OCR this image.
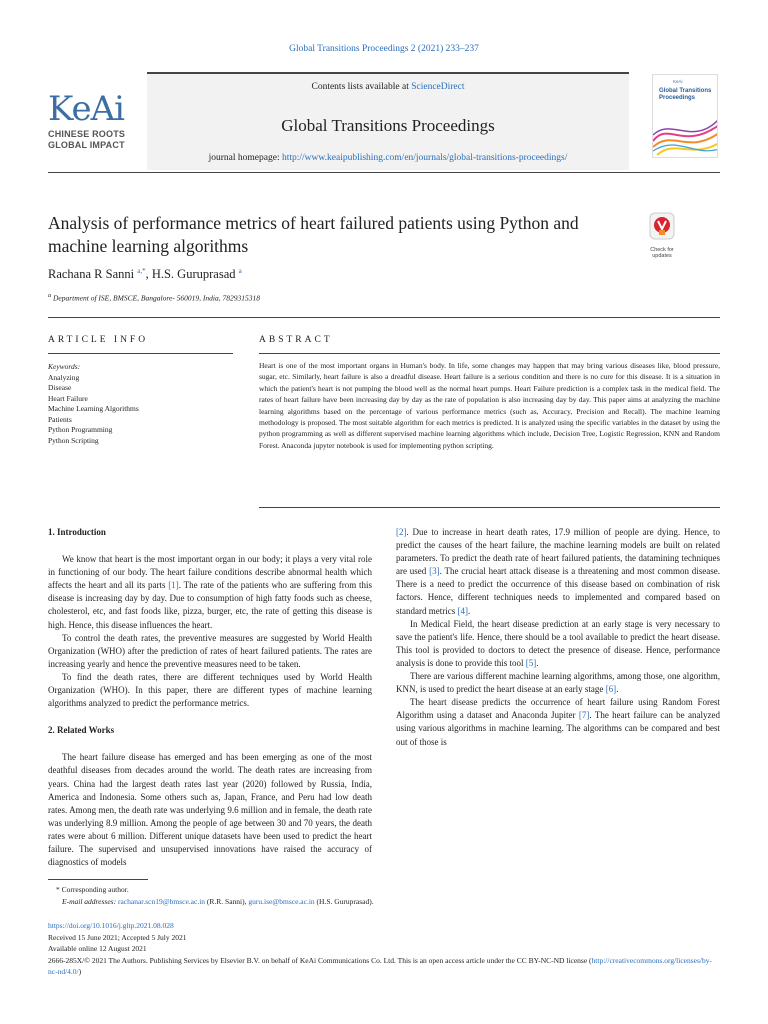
Global Transitions Proceedings 2 (2021) 233–237
KeAi
CHINESE ROOTS
GLOBAL IMPACT
Contents lists available at ScienceDirect
Global Transitions Proceedings
journal homepage: http://www.keaipublishing.com/en/journals/global-transitions-proceedings/
KeAi
Global Transitions
Proceedings
Analysis of performance metrics of heart failured patients using Python and machine learning algorithms	Check for
updates
Rachana R Sanni $^{a,*}$, H.S. Guruprasad $^a$
$^a$ Department of ISE, BMSCE, Bangalore- 560019, India, 7829315318
ARTICLE INFO
Keywords:
Analyzing
Disease
Heart Failure
Machine Learning Algorithms
Patients
Python Programming
Python Scripting
ABSTRACT
Heart is one of the most important organs in Human's body. In life, some changes may happen that may bring various diseases like, blood pressure, sugar, etc. Similarly, heart failure is also a dreadful disease. Heart failure is a serious condition and there is no cure for this disease. It is a situation in which the patient's heart is not pumping the blood well as the normal heart pumps. Heart Failure prediction is a complex task in the medical field. The rates of heart failure have been increasing day by day as the rate of population is also increasing day by day. This paper aims at analyzing the machine learning algorithms based on the percentage of various performance metrics (such as, Accuracy, Precision and Recall). The machine learning methodology is proposed. The most suitable algorithm for each metrics is predicted. It is analyzed using the specific variables in the dataset by using the python programming as well as different supervised machine learning algorithms which include, Decision Tree, Logistic Regression, KNN and Random Forest. Anaconda jupyter notebook is used for implementing python scripting.
1. Introduction

We know that heart is the most important organ in our body; it plays a very vital role in functioning of our body. The heart failure conditions describe abnormal health which affects the heart and all its parts [1]. The rate of the patients who are suffering from this disease is increasing day by day. Due to consumption of high fatty foods such as cheese, cholesterol, etc, and fast foods like, pizza, burger, etc, the rate of getting this disease is high. Hence, this disease influences the heart.

To control the death rates, the preventive measures are suggested by World Health Organization (WHO) after the prediction of rates of heart failured patients. The rates are increasing yearly and hence the preventive measures need to be taken.

To find the death rates, there are different techniques used by World Health Organization (WHO). In this paper, there are different types of machine learning algorithms analyzed to predict the performance metrics.

2. Related Works

The heart failure disease has emerged and has been emerging as one of the most deathful diseases from decades around the world. The death rates are increasing from years. China had the largest death rates last year (2020) followed by Russia, India, America and Indonesia. Some others such as, Japan, France, and Peru had low death rates. Among men, the death rate was underlying 9.6 million and in female, the death rate was underlying 8.9 million. Among the people of age between 30 and 70 years, the death rates were about 6 million. Different unique datasets have been used to predict the heart failure. The supervised and unsupervised innovations have raised the accuracy of diagnostics of models

[2]. Due to increase in heart death rates, 17.9 million of people are dying. Hence, to predict the causes of the heart failure, the machine learning models are built on related parameters. To predict the death rate of heart failured patients, the datamining techniques are used [3]. The crucial heart attack disease is a threatening and most common disease. There is a need to predict the occurrence of this disease based on combination of risk factors. Hence, different techniques needs to implemented and compared based on standard metrics [4].

In Medical Field, the heart disease prediction at an early stage is very necessary to save the patient's life. Hence, there should be a tool available to predict the heart disease. This tool is provided to doctors to detect the presence of disease. Hence, performance analysis is done to provide this tool [5].

There are various different machine learning algorithms, among those, one algorithm, KNN, is used to predict the heart disease at an early stage [6].

The heart disease predicts the occurrence of heart failure using Random Forest Algorithm using a dataset and Anaconda Jupiter [7]. The heart failure can be analyzed using various algorithms in machine learning. The algorithms can be compared and best out of those is

* Corresponding author.
E-mail addresses: rachanar.scn19@bmsce.ac.in (R.R. Sanni), guru.ise@bmsce.ac.in (H.S. Guruprasad).
https://doi.org/10.1016/j.gltp.2021.08.028
Received 15 June 2021; Accepted 5 July 2021
Available online 12 August 2021
2666-285X/© 2021 The Authors. Publishing Services by Elsevier B.V. on behalf of KeAi Communications Co. Ltd. This is an open access article under the CC BY-NC-ND license (http://creativecommons.org/licenses/by-nc-nd/4.0/)
